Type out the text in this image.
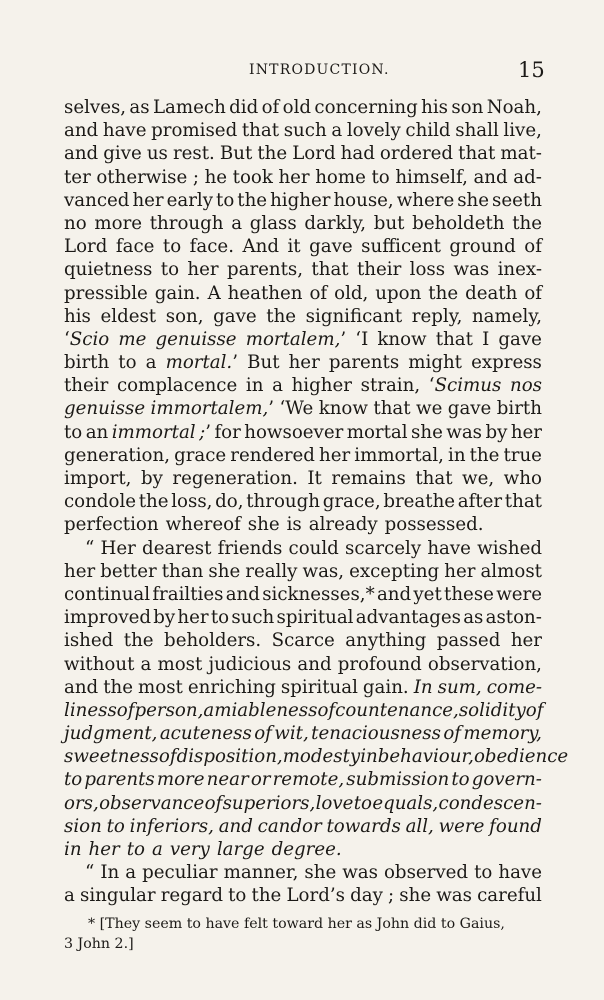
INTRODUCTION.	15
selves, as Lamech did of old concerning his son Noah,
and have promised that such a lovely child shall live,
and give us rest. But the Lord had ordered that mat-
ter otherwise ; he took her home to himself, and ad-
vanced her early to the higher house, where she seeth
no more through a glass darkly, but beholdeth the
Lord face to face. And it gave sufficent ground of
quietness to her parents, that their loss was inex-
pressible gain. A heathen of old, upon the death of
his eldest son, gave the significant reply, namely,
‘Scio me genuisse mortalem,’ ‘I know that I gave
birth to a mortal.’ But her parents might express
their complacence in a higher strain, ‘Scimus nos
genuisse immortalem,’ ‘We know that we gave birth
to an immortal ;’ for howsoever mortal she was by her
generation, grace rendered her immortal, in the true
import, by regeneration. It remains that we, who
condole the loss, do, through grace, breathe after that
perfection whereof she is already possessed.
“ Her dearest friends could scarcely have wished
her better than she really was, excepting her almost
continual frailties and sicknesses,* and yet these were
improved by her to such spiritual advantages as aston-
ished the beholders. Scarce anything passed her
without a most judicious and profound observation,
and the most enriching spiritual gain. In sum, come-
liness of person, amiableness of countenance, solidity of
judgment, acuteness of wit, tenaciousness of memory,
sweetness of disposition, modesty in behaviour, obedience
to parents more near or remote, submission to govern-
ors, observance of superiors, love to equals, condescen-
sion to inferiors, and candor towards all, were found
in her to a very large degree.
“ In a peculiar manner, she was observed to have
a singular regard to the Lord’s day ; she was careful
* [They seem to have felt toward her as John did to Gaius,
3 John 2.]
